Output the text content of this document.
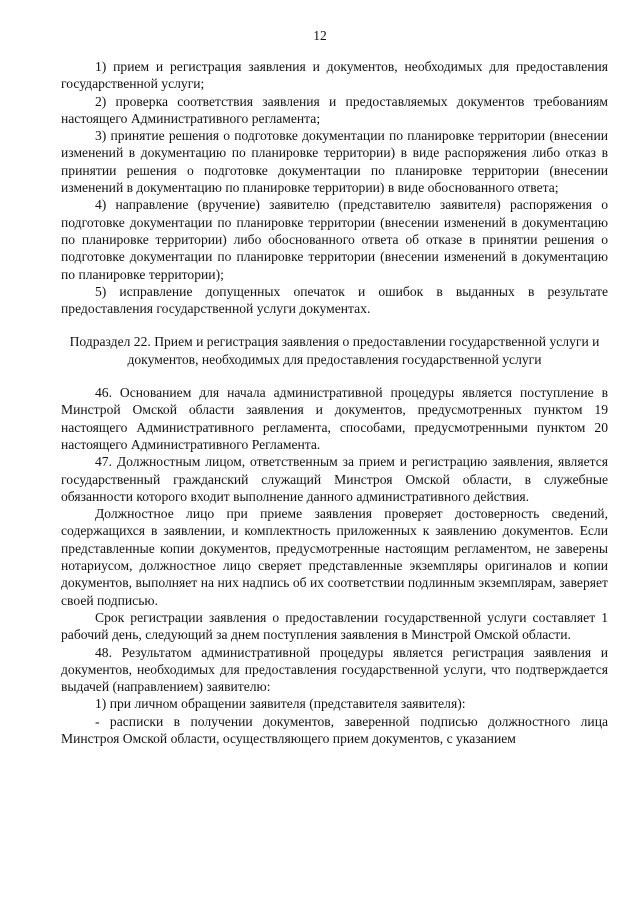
12

1) прием и регистрация заявления и документов, необходимых для предоставления государственной услуги;

2) проверка соответствия заявления и предоставляемых документов требованиям настоящего Административного регламента;

3) принятие решения о подготовке документации по планировке территории (внесении изменений в документацию по планировке территории) в виде распоряжения либо отказ в принятии решения о подготовке документации по планировке территории (внесении изменений в документацию по планировке территории) в виде обоснованного ответа;

4) направление (вручение) заявителю (представителю заявителя) распоряжения о подготовке документации по планировке территории (внесении изменений в документацию по планировке территории) либо обоснованного ответа об отказе в принятии решения о подготовке документации по планировке территории (внесении изменений в документацию по планировке территории);

5) исправление допущенных опечаток и ошибок в выданных в результате предоставления государственной услуги документах.

Подраздел 22. Прием и регистрация заявления о предоставлении государственной услуги и документов, необходимых для предоставления государственной услуги

46. Основанием для начала административной процедуры является поступление в Минстрой Омской области заявления и документов, предусмотренных пунктом 19 настоящего Административного регламента, способами, предусмотренными пунктом 20 настоящего Административного Регламента.

47. Должностным лицом, ответственным за прием и регистрацию заявления, является государственный гражданский служащий Минстроя Омской области, в служебные обязанности которого входит выполнение данного административного действия.

Должностное лицо при приеме заявления проверяет достоверность сведений, содержащихся в заявлении, и комплектность приложенных к заявлению документов. Если представленные копии документов, предусмотренные настоящим регламентом, не заверены нотариусом, должностное лицо сверяет представленные экземпляры оригиналов и копии документов, выполняет на них надпись об их соответствии подлинным экземплярам, заверяет своей подписью.

Срок регистрации заявления о предоставлении государственной услуги составляет 1 рабочий день, следующий за днем поступления заявления в Минстрой Омской области.

48. Результатом административной процедуры является регистрация заявления и документов, необходимых для предоставления государственной услуги, что подтверждается выдачей (направлением) заявителю:

1) при личном обращении заявителя (представителя заявителя):

- расписки в получении документов, заверенной подписью должностного лица Минстроя Омской области, осуществляющего прием документов, с указанием
